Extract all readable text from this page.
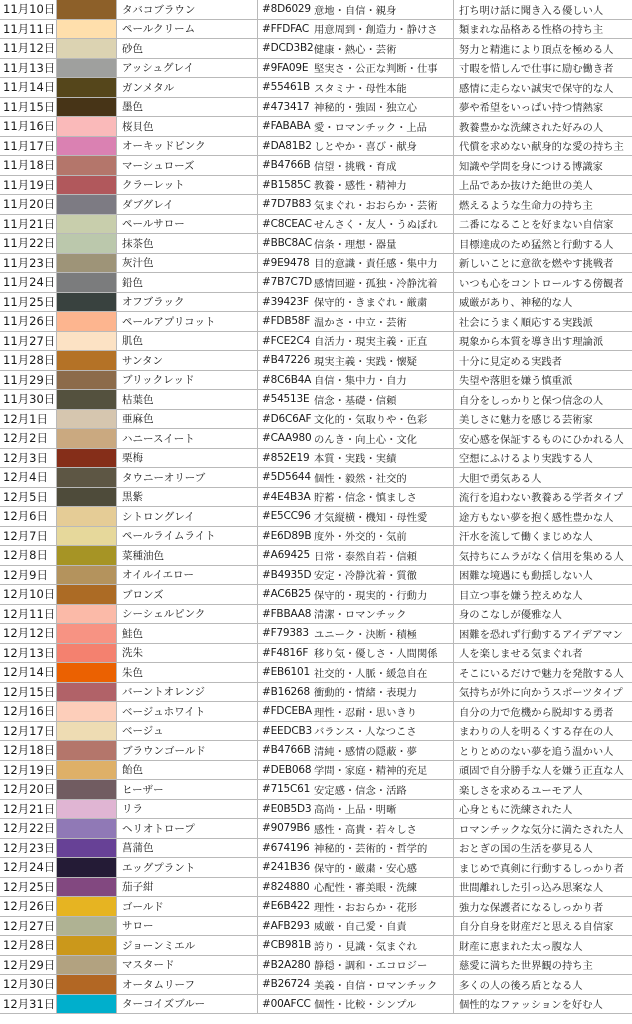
11月10日	タバコブラウン	#8D6029 意地・自信・親身	打ち明け話に聞き入る優しい人
11月11日	ペールクリーム	#FFDFAC 用意周到・創造力・静けさ	類まれな品格ある性格の持ち主
11月12日	砂色	#DCD3B2 健康・熱心・芸術	努力と精進により頂点を極める人
11月13日	アッシュグレイ	#9FA09E 堅実さ・公正な判断・仕事	寸暇を惜しんで仕事に励む働き者
11月14日	ガンメタル	#55461B スタミナ・母性本能	感情に走らない誠実で保守的な人
11月15日	墨色	#473417 神秘的・強固・独立心	夢や希望をいっぱい持つ情熱家
11月16日	桜貝色	#FABABA 愛・ロマンチック・上品	教養豊かな洗練された好みの人
11月17日	オーキッドピンク	#DA81B2 しとやか・喜び・献身	代償を求めない献身的な愛の持ち主
11月18日	マーシュローズ	#B4766B 信望・挑戦・育成	知識や学問を身につける博識家
11月19日	クラーレット	#B1585C 教養・感性・精神力	上品であか抜けた絶世の美人
11月20日	ダブグレイ	#7D7B83 気まぐれ・おおらか・芸術	燃えるような生命力の持ち主
11月21日	ペールサロー	#C8CEAC せんさく・友人・うぬぼれ	二番になることを好まない自信家
11月22日	抹茶色	#BBC8AC 信条・理想・器量	目標達成のため猛然と行動する人
11月23日	灰汁色	#9E9478 目的意識・責任感・集中力	新しいことに意欲を燃やす挑戦者
11月24日	鉛色	#7B7C7D 感情回避・孤独・冷静沈着	いつも心をコントロールする傍観者
11月25日	オフブラック	#39423F 保守的・きまぐれ・厳粛	威厳があり、神秘的な人
11月26日	ペールアプリコット	#FDB58F 温かさ・中立・芸術	社会にうまく順応する実践派
11月27日	肌色	#FCE2C4 自活力・現実主義・正直	現象から本質を導き出す理論派
11月28日	サンタン	#B47226 現実主義・実践・懐疑	十分に見定める実践者
11月29日	ブリックレッド	#8C6B4A 自信・集中力・自力	失望や落胆を嫌う慎重派
11月30日	枯葉色	#54513E 信念・基礎・信頼	自分をしっかりと保つ信念の人
12月1日	亜麻色	#D6C6AF 文化的・気取りや・色彩	美しさに魅力を感じる芸術家
12月2日	ハニースイート	#CAA980 のんき・向上心・文化	安心感を保証するものにひかれる人
12月3日	栗梅	#852E19 本質・実践・実績	空想にふけるより実践する人
12月4日	タウニーオリーブ	#5D5644 個性・毅然・社交的	大胆で勇気ある人
12月5日	黒紫	#4E4B3A 貯蓄・信念・慎ましさ	流行を追わない教養ある学者タイプ
12月6日	シトロングレイ	#E5CC96 才気縦横・機知・母性愛	途方もない夢を抱く感性豊かな人
12月7日	ペールライムライト	#E6D89B 度外・外交的・気前	汗水を流して働くまじめな人
12月8日	菜種油色	#A69425 日常・泰然自若・信頼	気持ちにムラがなく信用を集める人
12月9日	オイルイエロー	#B4935D 安定・冷静沈着・質徹	困難な境遇にも動揺しない人
12月10日	ブロンズ	#AC6B25 保守的・現実的・行動力	目立つ事を嫌う控えめな人
12月11日	シーシェルピンク	#FBBAA8 清潔・ロマンチック	身のこなしが優雅な人
12月12日	鮭色	#F79383 ユニーク・決断・積極	困難を恐れず行動するアイデアマン
12月13日	洗朱	#F4816F 移り気・優しさ・人間関係	人を楽しませる気まぐれ者
12月14日	朱色	#EB6101 社交的・人脈・緩急自在	そこにいるだけで魅力を発散する人
12月15日	バーントオレンジ	#B16268 衝動的・情緒・表現力	気持ちが外に向かうスポーツタイプ
12月16日	ベージュホワイト	#FDCEBA 理性・忍耐・思いきり	自分の力で危機から脱却する勇者
12月17日	ベージュ	#EEDCB3 バランス・人なつこさ	まわりの人を明るくする存在の人
12月18日	ブラウンゴールド	#B4766B 清純・感情の隠蔽・夢	とりとめのない夢を追う温かい人
12月19日	飴色	#DEB068 学問・家庭・精神的充足	頑固で自分勝手な人を嫌う正直な人
12月20日	ヒーザー	#715C61 安定感・信念・活路	楽しさを求めるユーモア人
12月21日	リラ	#E0B5D3 高尚・上品・明晰	心身ともに洗練された人
12月22日	ヘリオトロープ	#9079B6 感性・高貴・若々しさ	ロマンチックな気分に満たされた人
12月23日	菖蒲色	#674196 神秘的・芸術的・哲学的	おとぎの国の生活を夢見る人
12月24日	エッグプラント	#241B36 保守的・厳粛・安心感	まじめで真剣に行動するしっかり者
12月25日	茄子紺	#824880 心配性・審美眼・洗練	世間離れした引っ込み思案な人
12月26日	ゴールド	#E6B422 理性・おおらか・花形	強力な保護者になるしっかり者
12月27日	サロー	#AFB293 威厳・自己愛・自責	自分自身を財産だと思える自信家
12月28日	ジョーンミエル	#CB981B 誇り・見識・気まぐれ	財産に恵まれた太っ腹な人
12月29日	マスタード	#B2A280 静穏・調和・エコロジー	慈愛に満ちた世界観の持ち主
12月30日	オータムリーフ	#B26724 美義・自信・ロマンチック	多くの人の後ろ盾となる人
12月31日	ターコイズブルー	#00AFCC 個性・比較・シンプル	個性的なファッションを好む人
